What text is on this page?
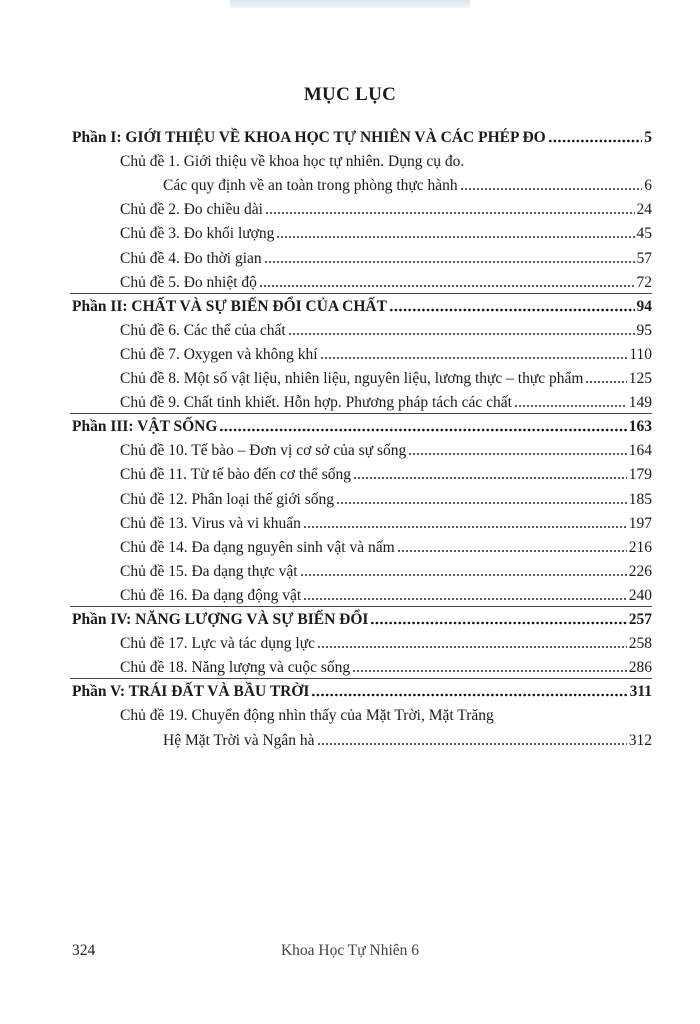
MỤC LỤC
324	Khoa Học Tự Nhiên 6
Phần I: GIỚI THIỆU VỀ KHOA HỌC TỰ NHIÊN VÀ CÁC PHÉP ĐO	5
Chủ đề 1. Giới thiệu về khoa học tự nhiên. Dụng cụ đo.
Các quy định về an toàn trong phòng thực hành	6
Chủ đề 2. Đo chiều dài	24
Chủ đề 3. Đo khối lượng	45
Chủ đề 4. Đo thời gian	57
Chủ đề 5. Đo nhiệt độ	72
Phần II: CHẤT VÀ SỰ BIẾN ĐỔI CỦA CHẤT	94
Chủ đề 6. Các thể của chất	95
Chủ đề 7. Oxygen và không khí	110
Chủ đề 8. Một số vật liệu, nhiên liệu, nguyên liệu, lương thực – thực phẩm	125
Chủ đề 9. Chất tinh khiết. Hỗn hợp. Phương pháp tách các chất	149
Phần III: VẬT SỐNG	163
Chủ đề 10. Tế bào – Đơn vị cơ sở của sự sống	164
Chủ đề 11. Từ tế bào đến cơ thể sống	179
Chủ đề 12. Phân loại thế giới sống	185
Chủ đề 13. Virus và vi khuẩn	197
Chủ đề 14. Đa dạng nguyên sinh vật và nấm	216
Chủ đề 15. Đa dạng thực vật	226
Chủ đề 16. Đa dạng động vật	240
Phần IV: NĂNG LƯỢNG VÀ SỰ BIẾN ĐỔI	257
Chủ đề 17. Lực và tác dụng lực	258
Chủ đề 18. Năng lượng và cuộc sống	286
Phần V: TRÁI ĐẤT VÀ BẦU TRỜI	311
Chủ đề 19. Chuyển động nhìn thấy của Mặt Trời, Mặt Trăng
Hệ Mặt Trời và Ngân hà	312
